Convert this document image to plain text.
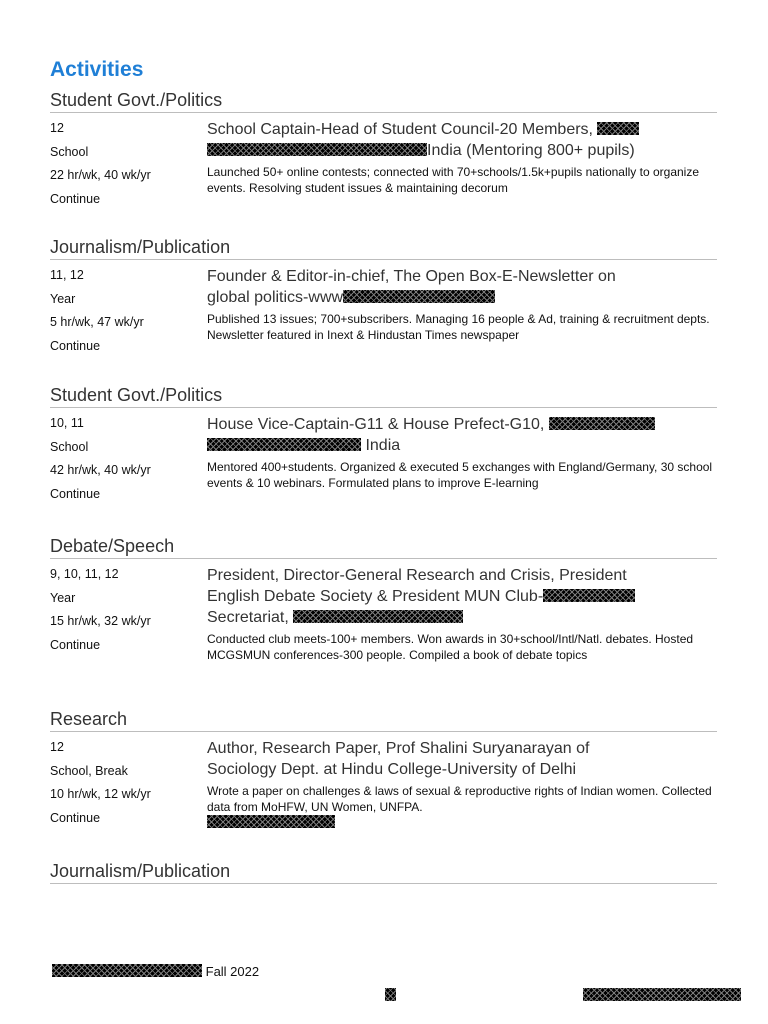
Activities
Student Govt./Politics
12
School
22 hr/wk, 40 wk/yr
Continue
School Captain-Head of Student Council-20 Members,
India (Mentoring 800+ pupils)
Launched 50+ online contests; connected with 70+schools/1.5k+pupils nationally to organize events. Resolving student issues & maintaining decorum
Journalism/Publication
11, 12
Year
5 hr/wk, 47 wk/yr
Continue
Founder & Editor-in-chief, The Open Box-E-Newsletter on
global politics-www
Published 13 issues; 700+subscribers. Managing 16 people & Ad, training & recruitment depts. Newsletter featured in Inext & Hindustan Times newspaper
Student Govt./Politics
10, 11
School
42 hr/wk, 40 wk/yr
Continue
House Vice-Captain-G11 & House Prefect-G10,
India
Mentored 400+students. Organized & executed 5 exchanges with England/Germany, 30 school events & 10 webinars. Formulated plans to improve E-learning
Debate/Speech
9, 10, 11, 12
Year
15 hr/wk, 32 wk/yr
Continue
President, Director-General Research and Crisis, President
English Debate Society & President MUN Club-
Secretariat,
Conducted club meets-100+ members. Won awards in 30+school/Intl/Natl. debates. Hosted MCGSMUN conferences-300 people. Compiled a book of debate topics
Research
12
School, Break
10 hr/wk, 12 wk/yr
Continue
Author, Research Paper, Prof Shalini Suryanarayan of
Sociology Dept. at Hindu College-University of Delhi
Wrote a paper on challenges & laws of sexual & reproductive rights of Indian women. Collected data from MoHFW, UN Women, UNFPA.

Journalism/Publication
Fall 2022
